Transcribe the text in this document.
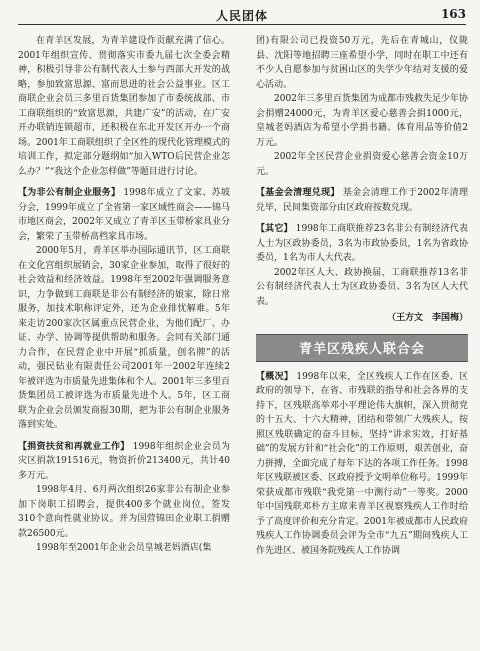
人民团体	163

在青羊区发展，为青羊建设作贡献充满了信心。2001年组织宣传、贯彻落实市委九届七次全委会精神，积极引导非公有制代表人士参与西部大开发的战略，参加致富思源、富而思进的社会公益事业。区工商联企业会员三多里百货集团参加了市委统战部、市工商联组织的“致富思源，共建广安”的活动，在广安开办联销连锁超市，还积极在东北开发区开办一个商场。2001年工商联组织了全区性的现代化管理模式的培训工作，拟定部分题纲如“加入WTO后民营企业怎么办？”“我这个企业怎样做”等题目进行讨论。

【为非公有制企业服务】 1998年成立了文家、苏坡分会，1999年成立了全省第一家区域性商会——锦马市地区商会，2002年又成立了青羊区玉带桥家具业分会，繁荣了玉带桥高档家具市场。

2000年5月，青羊区举办国际通讯节，区工商联在文化宫组织展销会，30家企业参加，取得了很好的社会效益和经济效益。1998年至2002年强调服务意识，力争做到工商联是非公有制经济的娘家，除日常服务，加技术职称评定外，还为企业排忧解难。5年来走访200家次区属重点民营企业，为他们配厂、办证、办学、协调等提供帮助和服务。会同有关部门通力合作，在民营企业中开展“抓质量，创名牌”的活动，强民钻业有限责任公司2001年一2002年连续2年被评选为市质量先进集体和个人。2001年三多里百货集团员工被评选为市质量先进个人。5年，区工商联为企业会员颁发商报30期，把为非公有制企业服务落到实处。

【捐资扶贫和再就业工作】 1998年组织企业会员为灾区捐款191516元，物资折价213400元，共计40多万元。

1998年4月、6月两次组织26家非公有制企业参加下岗职工招聘会，提供400多个就业岗位，签发310个意向性就业协议。并为国营锦田企业职工捐赠款26500元。

1998年至2001年企业会员皇城老妈酒店(集

团)有限公司已投资50万元，先后在青城山，仪陇县、沈阳等地招聘三座希望小学，同时在职工中还有不少人自愿参加与贫困山区的失学少年结对支援的爱心活动。

2002年三多里百货集团为成都市残救失足少年协会捐赠24000元，为青羊区爱心慈善会捐1000元，皇城老妈酒店为希望小学捐书籍、体育用品等价值2万元。

2002年全区民营企业捐资爱心慈善会资金10万元。

【基金会清理兑现】 基金会清理工作于2002年清理兑毕，民间集资部分由区政府按数兑现。

【其它】 1998年工商联推荐23名非公有制经济代表人士为区政协委员，3名为市政协委员，1名为省政协委员，1名为市人大代表。

2002年区人大、政协换届，工商联推荐13名非公有制经济代表人士为区政协委员、3名为区人大代表。

（王方文　李国梅）

青羊区残疾人联合会

【概况】 1998年以来，全区残疾人工作在区委、区政府的领导下，在省、市残联的指导和社会各界的支持下，区残联高举邓小平理论伟大旗帜，深入贯彻党的十五大、十六大精神，团结和带领广大残疾人，按照区残联确定的奋斗目标，坚持“讲求实效，打好基础”的发展方针和“社会化”的工作原则，艰苦创业，奋力拼搏，全面完成了每年下达的各项工作任务。1998年区残联被区委、区政府授予文明单位称号。1999年荣获成都市残联“我党第一中测行动”一等奖。2000年中国残联邓朴方主席来青羊区视察残疾人工作时给予了高度评价和充分肯定。2001年被成都市人民政府残疾人工作协调委员会评为全市“九五”期间残疾人工作先进区、被国务院残疾人工作协调
